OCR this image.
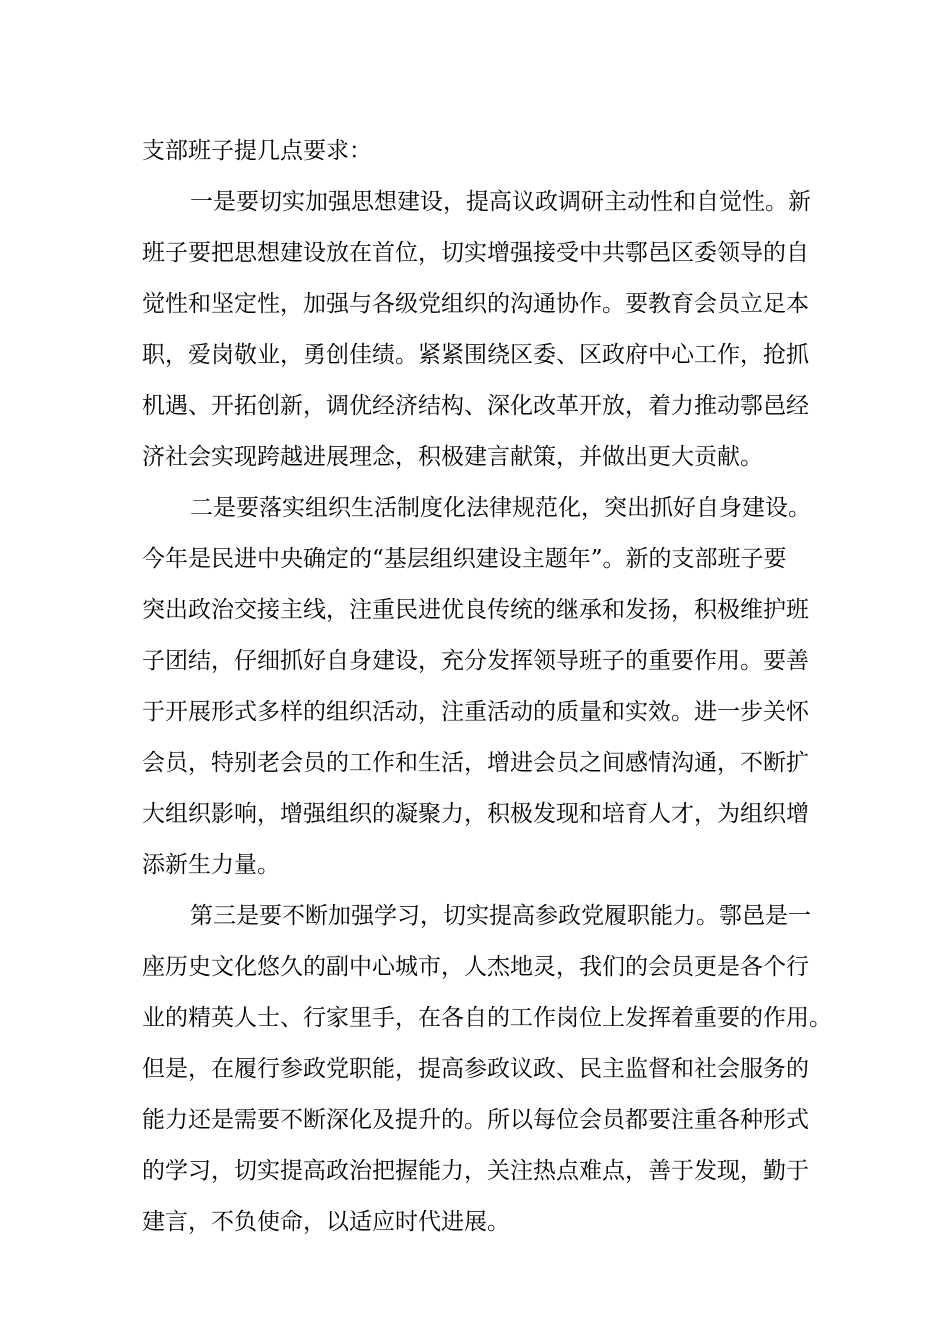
支部班子提几点要求：

一是要切实加强思想建设，提高议政调研主动性和自觉性。新

班子要把思想建设放在首位，切实增强接受中共鄠邑区委领导的自

觉性和坚定性，加强与各级党组织的沟通协作。要教育会员立足本

职，爱岗敬业，勇创佳绩。紧紧围绕区委、区政府中心工作，抢抓

机遇、开拓创新，调优经济结构、深化改革开放，着力推动鄠邑经

济社会实现跨越进展理念，积极建言献策，并做出更大贡献。

二是要落实组织生活制度化法律规范化，突出抓好自身建设。

今年是民进中央确定的“基层组织建设主题年”。新的支部班子要

突出政治交接主线，注重民进优良传统的继承和发扬，积极维护班

子团结，仔细抓好自身建设，充分发挥领导班子的重要作用。要善

于开展形式多样的组织活动，注重活动的质量和实效。进一步关怀

会员，特别老会员的工作和生活，增进会员之间感情沟通，不断扩

大组织影响，增强组织的凝聚力，积极发现和培育人才，为组织增

添新生力量。

第三是要不断加强学习，切实提高参政党履职能力。鄠邑是一

座历史文化悠久的副中心城市，人杰地灵，我们的会员更是各个行

业的精英人士、行家里手，在各自的工作岗位上发挥着重要的作用。

但是，在履行参政党职能，提高参政议政、民主监督和社会服务的

能力还是需要不断深化及提升的。所以每位会员都要注重各种形式

的学习，切实提高政治把握能力，关注热点难点，善于发现，勤于

建言，不负使命，以适应时代进展。
